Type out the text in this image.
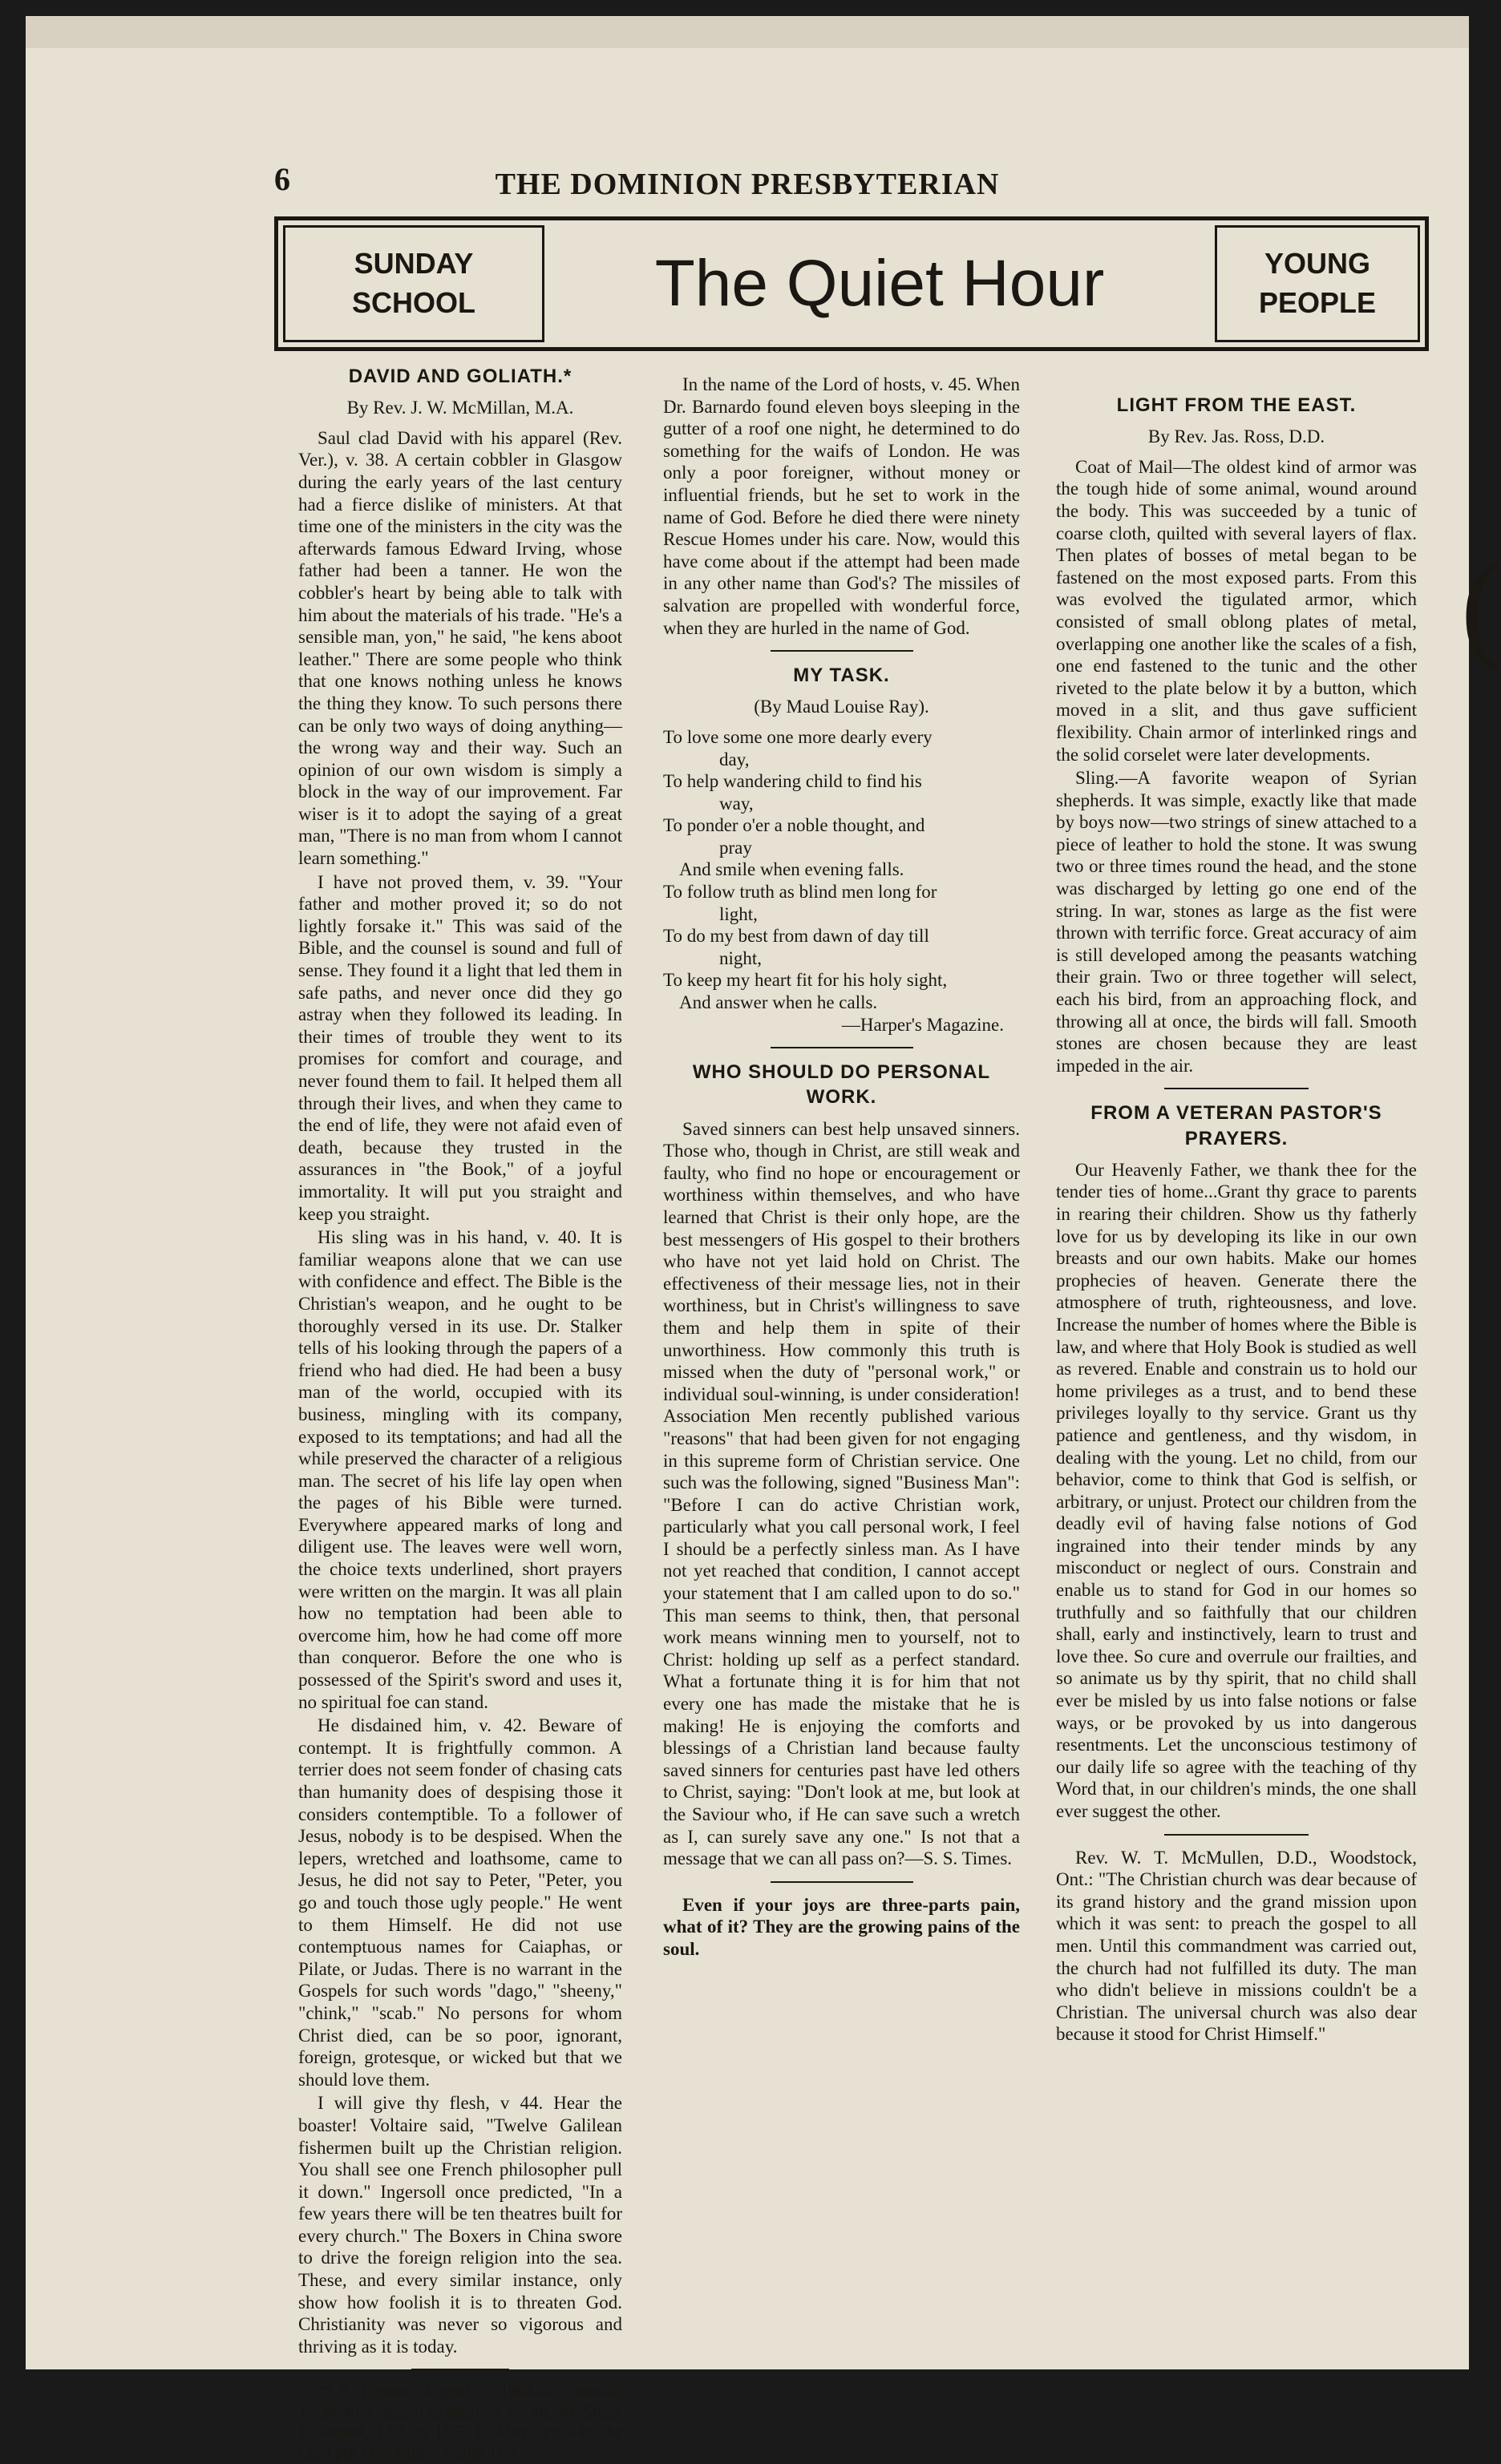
6	THE DOMINION PRESBYTERIAN
SUNDAY
SCHOOL	The Quiet Hour	YOUNG
PEOPLE
DAVID AND GOLIATH.*
By Rev. J. W. McMillan, M.A.

Saul clad David with his apparel (Rev. Ver.), v. 38. A certain cobbler in Glasgow during the early years of the last century had a fierce dislike of ministers. At that time one of the ministers in the city was the afterwards famous Edward Irving, whose father had been a tanner. He won the cobbler's heart by being able to talk with him about the materials of his trade. "He's a sensible man, yon," he said, "he kens aboot leather." There are some people who think that one knows nothing unless he knows the thing they know. To such persons there can be only two ways of doing anything—the wrong way and their way. Such an opinion of our own wisdom is simply a block in the way of our improvement. Far wiser is it to adopt the saying of a great man, "There is no man from whom I cannot learn something."

I have not proved them, v. 39. "Your father and mother proved it; so do not lightly forsake it." This was said of the Bible, and the counsel is sound and full of sense. They found it a light that led them in safe paths, and never once did they go astray when they followed its leading. In their times of trouble they went to its promises for comfort and courage, and never found them to fail. It helped them all through their lives, and when they came to the end of life, they were not afaid even of death, because they trusted in the assurances in "the Book," of a joyful immortality. It will put you straight and keep you straight.

His sling was in his hand, v. 40. It is familiar weapons alone that we can use with confidence and effect. The Bible is the Christian's weapon, and he ought to be thoroughly versed in its use. Dr. Stalker tells of his looking through the papers of a friend who had died. He had been a busy man of the world, occupied with its business, mingling with its company, exposed to its temptations; and had all the while preserved the character of a religious man. The secret of his life lay open when the pages of his Bible were turned. Everywhere appeared marks of long and diligent use. The leaves were well worn, the choice texts underlined, short prayers were written on the margin. It was all plain how no temptation had been able to overcome him, how he had come off more than conqueror. Before the one who is possessed of the Spirit's sword and uses it, no spiritual foe can stand.

He disdained him, v. 42. Beware of contempt. It is frightfully common. A terrier does not seem fonder of chasing cats than humanity does of despising those it considers contemptible. To a follower of Jesus, nobody is to be despised. When the lepers, wretched and loathsome, came to Jesus, he did not say to Peter, "Peter, you go and touch those ugly people." He went to them Himself. He did not use contemptuous names for Caiaphas, or Pilate, or Judas. There is no warrant in the Gospels for such words "dago," "sheeny," "chink," "scab." No persons for whom Christ died, can be so poor, ignorant, foreign, grotesque, or wicked but that we should love them.

I will give thy flesh, v 44. Hear the boaster! Voltaire said, "Twelve Galilean fishermen built up the Christian religion. You shall see one French philosopher pull it down." Ingersoll once predicted, "In a few years there will be ten theatres built for every church." The Boxers in China swore to drive the foreign religion into the sea. These, and every similar instance, only show how foolish it is to threaten God. Christianity was never so vigorous and thriving as it is today.

*S.S. Lesson, August 9, 1908—1 Samuel, 17:38-49. Commit to memory vs. 48, 49. Study 1 Samuel, 17:1 to 18:5. Golden Text—In the Lord put I my trust—Psalm 11:1.

In the name of the Lord of hosts, v. 45. When Dr. Barnardo found eleven boys sleeping in the gutter of a roof one night, he determined to do something for the waifs of London. He was only a poor foreigner, without money or influential friends, but he set to work in the name of God. Before he died there were ninety Rescue Homes under his care. Now, would this have come about if the attempt had been made in any other name than God's? The missiles of salvation are propelled with wonderful force, when they are hurled in the name of God.

MY TASK.
(By Maud Louise Ray).

To love some one more dearly every

day,

To help wandering child to find his

way,

To ponder o'er a noble thought, and

pray

And smile when evening falls.

To follow truth as blind men long for

light,

To do my best from dawn of day till

night,

To keep my heart fit for his holy sight,

And answer when he calls.

—Harper's Magazine.

WHO SHOULD DO PERSONAL WORK.

Saved sinners can best help unsaved sinners. Those who, though in Christ, are still weak and faulty, who find no hope or encouragement or worthiness within themselves, and who have learned that Christ is their only hope, are the best messengers of His gospel to their brothers who have not yet laid hold on Christ. The effectiveness of their message lies, not in their worthiness, but in Christ's willingness to save them and help them in spite of their unworthiness. How commonly this truth is missed when the duty of "personal work," or individual soul-winning, is under consideration! Association Men recently published various "reasons" that had been given for not engaging in this supreme form of Christian service. One such was the following, signed "Business Man": "Before I can do active Christian work, particularly what you call personal work, I feel I should be a perfectly sinless man. As I have not yet reached that condition, I cannot accept your statement that I am called upon to do so." This man seems to think, then, that personal work means winning men to yourself, not to Christ: holding up self as a perfect standard. What a fortunate thing it is for him that not every one has made the mistake that he is making! He is enjoying the comforts and blessings of a Christian land because faulty saved sinners for centuries past have led others to Christ, saying: "Don't look at me, but look at the Saviour who, if He can save such a wretch as I, can surely save any one." Is not that a message that we can all pass on?—S. S. Times.

Even if your joys are three-parts pain, what of it? They are the growing pains of the soul.

LIGHT FROM THE EAST.
By Rev. Jas. Ross, D.D.

Coat of Mail—The oldest kind of armor was the tough hide of some animal, wound around the body. This was succeeded by a tunic of coarse cloth, quilted with several layers of flax. Then plates of bosses of metal began to be fastened on the most exposed parts. From this was evolved the tigulated armor, which consisted of small oblong plates of metal, overlapping one another like the scales of a fish, one end fastened to the tunic and the other riveted to the plate below it by a button, which moved in a slit, and thus gave sufficient flexibility. Chain armor of interlinked rings and the solid corselet were later developments.

Sling.—A favorite weapon of Syrian shepherds. It was simple, exactly like that made by boys now—two strings of sinew attached to a piece of leather to hold the stone. It was swung two or three times round the head, and the stone was discharged by letting go one end of the string. In war, stones as large as the fist were thrown with terrific force. Great accuracy of aim is still developed among the peasants watching their grain. Two or three together will select, each his bird, from an approaching flock, and throwing all at once, the birds will fall. Smooth stones are chosen because they are least impeded in the air.

FROM A VETERAN PASTOR'S PRAYERS.

Our Heavenly Father, we thank thee for the tender ties of home...Grant thy grace to parents in rearing their children. Show us thy fatherly love for us by developing its like in our own breasts and our own habits. Make our homes prophecies of heaven. Generate there the atmosphere of truth, righteousness, and love. Increase the number of homes where the Bible is law, and where that Holy Book is studied as well as revered. Enable and constrain us to hold our home privileges as a trust, and to bend these privileges loyally to thy service. Grant us thy patience and gentleness, and thy wisdom, in dealing with the young. Let no child, from our behavior, come to think that God is selfish, or arbitrary, or unjust. Protect our children from the deadly evil of having false notions of God ingrained into their tender minds by any misconduct or neglect of ours. Constrain and enable us to stand for God in our homes so truthfully and so faithfully that our children shall, early and instinctively, learn to trust and love thee. So cure and overrule our frailties, and so animate us by thy spirit, that no child shall ever be misled by us into false notions or false ways, or be provoked by us into dangerous resentments. Let the unconscious testimony of our daily life so agree with the teaching of thy Word that, in our children's minds, the one shall ever suggest the other.

Rev. W. T. McMullen, D.D., Woodstock, Ont.: "The Christian church was dear because of its grand history and the grand mission upon which it was sent: to preach the gospel to all men. Until this commandment was carried out, the church had not fulfilled its duty. The man who didn't believe in missions couldn't be a Christian. The universal church was also dear because it stood for Christ Himself."

(
